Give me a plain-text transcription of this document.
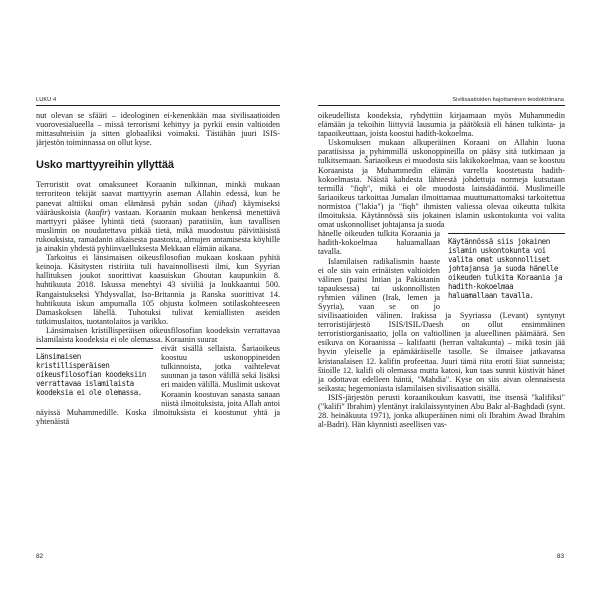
LUKU 4

nut olevan se sfääri – ideologinen ei-kenenkään maa sivilisaatioiden vuorovesialueella – missä terrorismi kehittyy ja pyrkii ensin valtioiden mittasuhteisiin ja sitten globaaliksi voimaksi. Tästähän juuri ISIS-järjestön toiminnassa on ollut kyse.

Usko marttyyreihin yllyttää

Terroristit ovat omaksuneet Koraanin tulkinnan, minkä mukaan terroriteon tekijät saavat marttyyrin aseman Allahin edessä, kun he panevat alttiiksi oman elämänsä pyhän sodan (jihad) käymiseksi vääräuskoisia (kaafir) vastaan. Koraanin mukaan henkensä menettävä marttyyri pääsee lyhintä tietä (suoraan) paratiisiin, kun tavallisen muslimin on noudatettava pitkää tietä, mikä muodostuu päivittäisistä rukouksista, ramadanin aikaisesta paastosta, almujen antamisesta köyhille ja ainakin yhdestä pyhiinvaelluksesta Mekkaan elämän aikana.

Tarkoitus ei länsimaisen oikeusfilosofian mukaan koskaan pyhitä keinoja. Käsitysten ristiriita tuli havainnollisesti ilmi, kun Syyrian hallituksen joukot suorittivat kaasuiskun Ghoutan kaupunkiin 8. huhtikuuta 2018. Iskussa menehtyi 43 siviiliä ja loukkaantui 500. Rangaistukseksi Yhdysvallat, Iso-Britannia ja Ranska suorittivat 14. huhtikuuta iskun ampumalla 105 ohjusta kolmeen sotilaskohteeseen Damaskoksen lähellä. Tuhotuksi tulivat kemiallisten aseiden tutkimuslaitos, tuotantolaitos ja varikko.

Länsimaisen kristillisperäisen oikeusfilosofian koodeksin verrattavaa islamilaista koodeksia ei ole olemassa. Koraanin suurat

Länsimaisen kristillisperäisen oikeusfilosofian koodeksiin verrattavaa islamilaista koodeksia ei ole olemassa.

eivät sisällä sellaista. Šariaoikeus koostuu uskonoppineiden tulkinnoista, jotka vaihtelevat suunnan ja tason välillä sekä lisäksi eri maiden välillä. Muslimit uskovat Koraanin koostuvan sanasta sanaan niistä ilmoituksista, joita Allah antoi näyissä Muhammedille. Koska ilmoituksista ei koostunut yhtä ja yhtenäistä

82
Sivilisaatioiden hajottaminen teodoktriinana

oikeudellista koodeksia, ryhdyttiin kirjaamaan myös Muhammedin elämään ja tekoihin liittyviä lausumia ja päätöksiä eli hänen tulkinta- ja tapaoikeuttaan, joista koostui hadith-kokoelma.

Uskomuksen mukaan alkuperäinen Koraani on Allahin luona paratiisissa ja pyhimmillä uskonoppineilla on pääsy sitä tutkimaan ja tulkitsemaan. Šariaoikeus ei muodosta siis lakikokoelmaa, vaan se koostuu Koraanista ja Muhammedin elämän varrella koostetusta hadith-kokoelmasta. Näistä kahdesta lähteestä johdettuja normeja kutsutaan termillä "fiqh", mikä ei ole muodosta lainsäädäntöä. Muslimeille šariaoikeus tarkoittaa Jumalan ilmoittamaa muuttumattomaksi tarkoitettua normistoa ("lakia") ja "fiqh" ihmisten valiessa olevaa oikeutta tulkita ilmoituksia. Käytännössä siis jokainen islamin uskontokunta voi valita omat uskonnolliset johtajansa ja suoda

Käytännössä siis jokainen islamin uskontokunta voi valita omat uskonnolliset johtajansa ja suoda hänelle oikeuden tulkita Koraania ja hadith-kokoelmaa haluamallaan tavalla.

hänelle oikeuden tulkita Koraania ja hadith-kokoelmaa haluamallaan tavalla.

Islamilaisen radikalismin haaste ei ole siis vain erinäisten valtioiden välinen (paitsi Intian ja Pakistanin tapauksessa) tai uskonnollisten ryhmien välinen (Irak, lemen ja Syyria), vaan se on jo sivilisaatioiden välinen. Irakissa ja Syyriassa (Levant) syntynyt terroristijärjestö ISIS/ISIL/Daesh on ollut ensimmäinen terroristiorganisaatio, jolla on valtiollinen ja alueellinen päämäärä. Sen esikuva on Koraanissa – kalifaatti (herran valtakunta) – mikä tosin jää hyvin yleiselle ja epämääräiselle tasolle. Se ilmaisee jatkavansa kristanalaisen 12. kalifin profeettaa. Juuri tämä riita erotti šiiat sunneista; šiioille 12. kalifi oli olemassa mutta katosi, kun taas sunnit kiistivät hänet ja odottavat edelleen häntä, "Mahdia". Kyse on siis aivan olennaisesta seikasta; hegemoniasta islamilaisen sivilisaation sisällä.

ISIS-järjestön perusti koraanikoukun kasvatti, itse itsensä "kalifiksi" ("kalifi" Ibrahim) ylentänyt irakilaissyntyinen Abu Bakr al-Baghdadi (synt. 28. heinäkuuta 1971), jonka alkuperäinen nimi oli Ibrahim Awad Ibrahim al-Badri). Hän käynnisti aseellisen vas-

83
